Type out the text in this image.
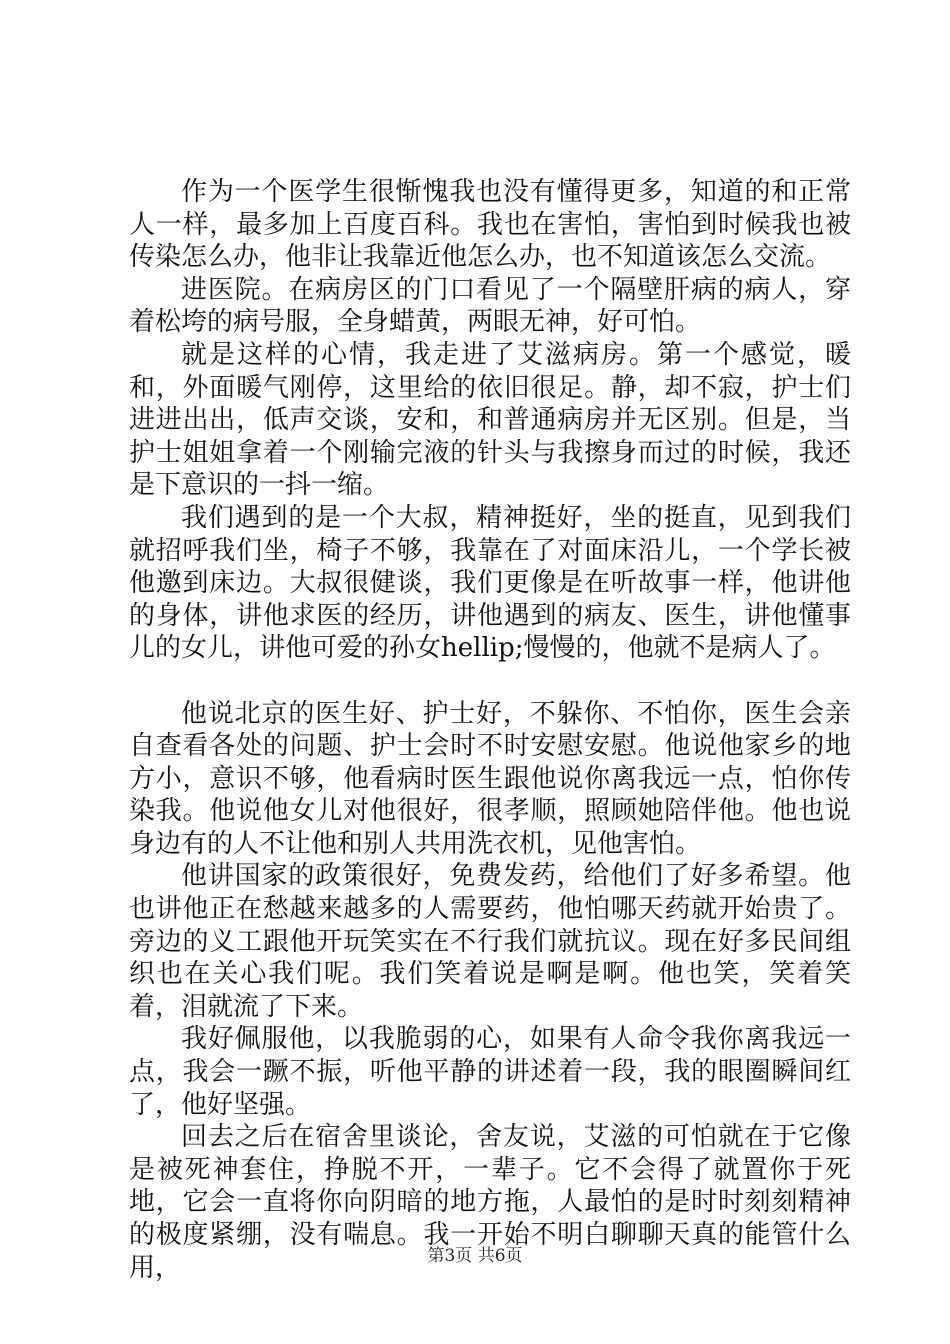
作为一个医学生很惭愧我也没有懂得更多，知道的和正常人一样，最多加上百度百科。我也在害怕，害怕到时候我也被传染怎么办，他非让我靠近他怎么办，也不知道该怎么交流。

进医院。在病房区的门口看见了一个隔壁肝病的病人，穿着松垮的病号服，全身蜡黄，两眼无神，好可怕。

就是这样的心情，我走进了艾滋病房。第一个感觉，暖和，外面暖气刚停，这里给的依旧很足。静，却不寂，护士们进进出出，低声交谈，安和，和普通病房并无区别。但是，当护士姐姐拿着一个刚输完液的针头与我擦身而过的时候，我还是下意识的一抖一缩。

我们遇到的是一个大叔，精神挺好，坐的挺直，见到我们就招呼我们坐，椅子不够，我靠在了对面床沿儿，一个学长被他邀到床边。大叔很健谈，我们更像是在听故事一样，他讲他的身体，讲他求医的经历，讲他遇到的病友、医生，讲他懂事儿的女儿，讲他可爱的孙女hellip;慢慢的，他就不是病人了。

他说北京的医生好、护士好，不躲你、不怕你，医生会亲自查看各处的问题、护士会时不时安慰安慰。他说他家乡的地方小，意识不够，他看病时医生跟他说你离我远一点，怕你传染我。他说他女儿对他很好，很孝顺，照顾她陪伴他。他也说身边有的人不让他和别人共用洗衣机，见他害怕。

他讲国家的政策很好，免费发药，给他们了好多希望。他也讲他正在愁越来越多的人需要药，他怕哪天药就开始贵了。旁边的义工跟他开玩笑实在不行我们就抗议。现在好多民间组织也在关心我们呢。我们笑着说是啊是啊。他也笑，笑着笑着，泪就流了下来。

我好佩服他，以我脆弱的心，如果有人命令我你离我远一点，我会一蹶不振，听他平静的讲述着一段，我的眼圈瞬间红了，他好坚强。

回去之后在宿舍里谈论，舍友说，艾滋的可怕就在于它像是被死神套住，挣脱不开，一辈子。它不会得了就置你于死地，它会一直将你向阴暗的地方拖，人最怕的是时时刻刻精神的极度紧绷，没有喘息。我一开始不明白聊聊天真的能管什么用，	第3页 共6页
